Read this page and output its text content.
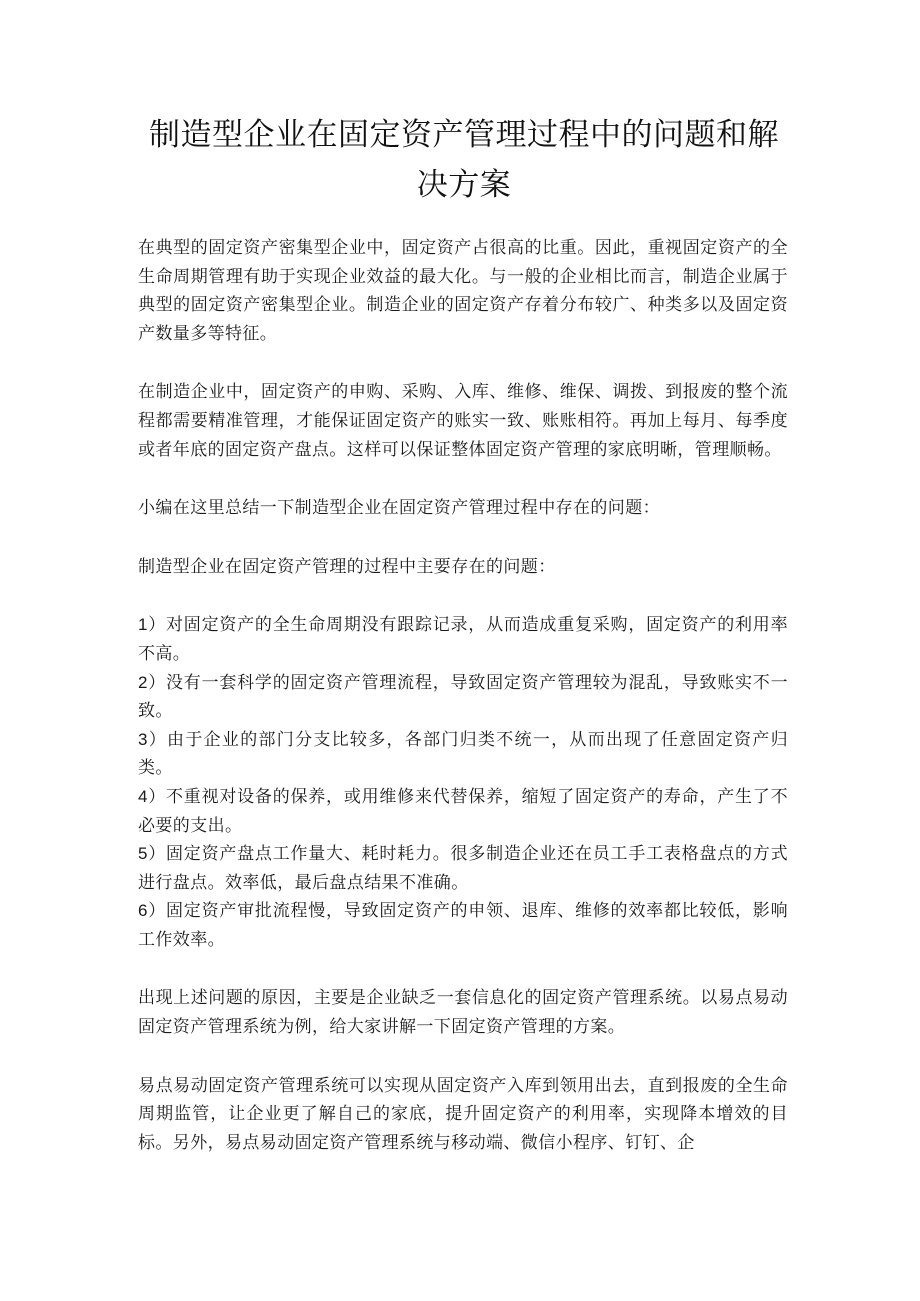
制造型企业在固定资产管理过程中的问题和解决方案

在典型的固定资产密集型企业中，固定资产占很高的比重。因此，重视固定资产的全生命周期管理有助于实现企业效益的最大化。与一般的企业相比而言，制造企业属于典型的固定资产密集型企业。制造企业的固定资产存着分布较广、种类多以及固定资产数量多等特征。

在制造企业中，固定资产的申购、采购、入库、维修、维保、调拨、到报废的整个流程都需要精准管理，才能保证固定资产的账实一致、账账相符。再加上每月、每季度或者年底的固定资产盘点。这样可以保证整体固定资产管理的家底明晰，管理顺畅。

小编在这里总结一下制造型企业在固定资产管理过程中存在的问题：

制造型企业在固定资产管理的过程中主要存在的问题：

1）对固定资产的全生命周期没有跟踪记录，从而造成重复采购，固定资产的利用率不高。
2）没有一套科学的固定资产管理流程，导致固定资产管理较为混乱，导致账实不一致。
3）由于企业的部门分支比较多，各部门归类不统一，从而出现了任意固定资产归类。
4）不重视对设备的保养，或用维修来代替保养，缩短了固定资产的寿命，产生了不必要的支出。
5）固定资产盘点工作量大、耗时耗力。很多制造企业还在员工手工表格盘点的方式进行盘点。效率低，最后盘点结果不准确。
6）固定资产审批流程慢，导致固定资产的申领、退库、维修的效率都比较低，影响工作效率。

出现上述问题的原因，主要是企业缺乏一套信息化的固定资产管理系统。以易点易动固定资产管理系统为例，给大家讲解一下固定资产管理的方案。

易点易动固定资产管理系统可以实现从固定资产入库到领用出去，直到报废的全生命周期监管，让企业更了解自己的家底，提升固定资产的利用率，实现降本增效的目标。另外，易点易动固定资产管理系统与移动端、微信小程序、钉钉、企
